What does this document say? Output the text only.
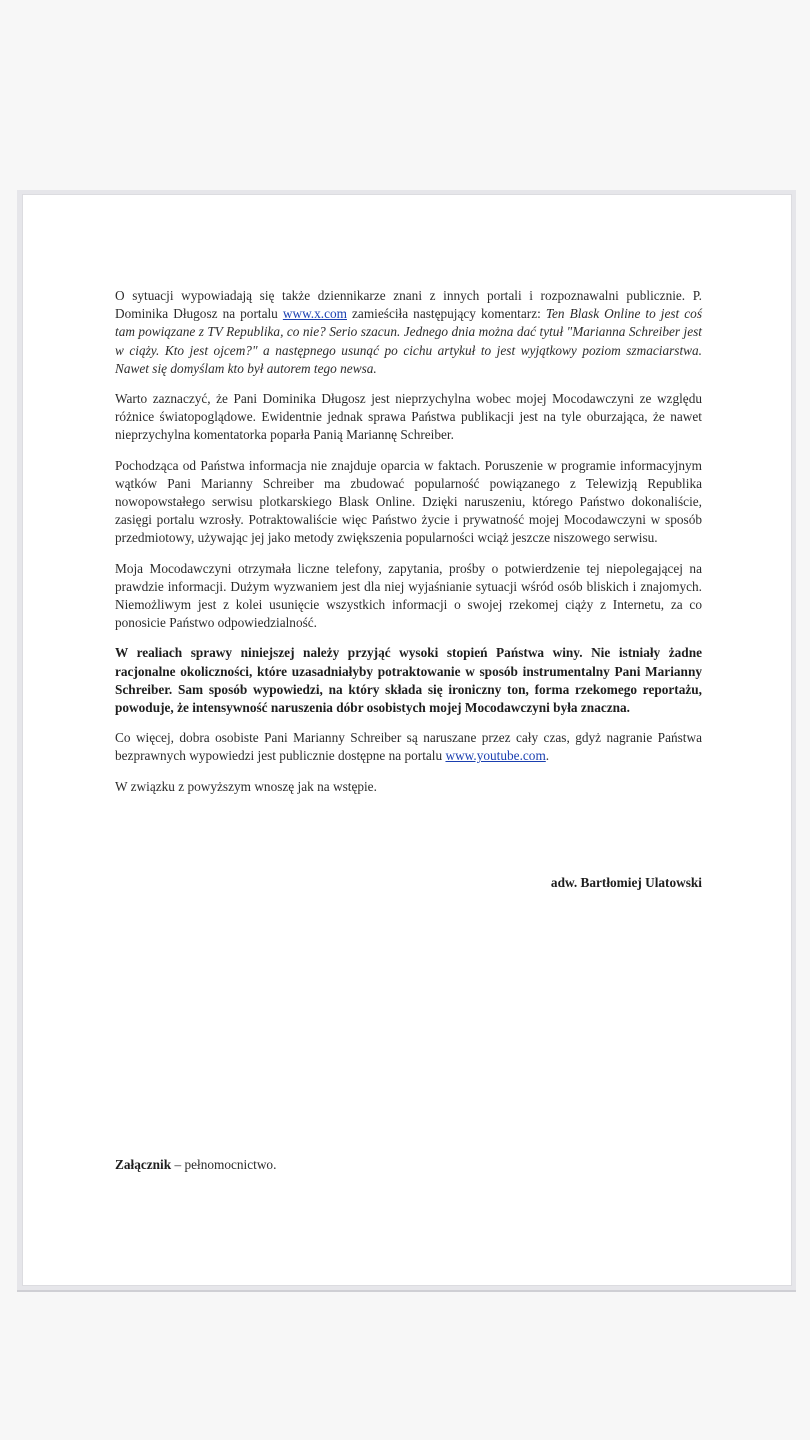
O sytuacji wypowiadają się także dziennikarze znani z innych portali i rozpoznawalni publicznie. P. Dominika Długosz na portalu www.x.com zamieściła następujący komentarz: Ten Blask Online to jest coś tam powiązane z TV Republika, co nie? Serio szacun. Jednego dnia można dać tytuł "Marianna Schreiber jest w ciąży. Kto jest ojcem?" a następnego usunąć po cichu artykuł to jest wyjątkowy poziom szmaciarstwa. Nawet się domyślam kto był autorem tego newsa.

Warto zaznaczyć, że Pani Dominika Długosz jest nieprzychylna wobec mojej Mocodawczyni ze względu różnice światopoglądowe. Ewidentnie jednak sprawa Państwa publikacji jest na tyle oburzająca, że nawet nieprzychylna komentatorka poparła Panią Mariannę Schreiber.

Pochodząca od Państwa informacja nie znajduje oparcia w faktach. Poruszenie w programie informacyjnym wątków Pani Marianny Schreiber ma zbudować popularność powiązanego z Telewizją Republika nowopowstałego serwisu plotkarskiego Blask Online. Dzięki naruszeniu, którego Państwo dokonaliście, zasięgi portalu wzrosły. Potraktowaliście więc Państwo życie i prywatność mojej Mocodawczyni w sposób przedmiotowy, używając jej jako metody zwiększenia popularności wciąż jeszcze niszowego serwisu.

Moja Mocodawczyni otrzymała liczne telefony, zapytania, prośby o potwierdzenie tej niepolegającej na prawdzie informacji. Dużym wyzwaniem jest dla niej wyjaśnianie sytuacji wśród osób bliskich i znajomych. Niemożliwym jest z kolei usunięcie wszystkich informacji o swojej rzekomej ciąży z Internetu, za co ponosicie Państwo odpowiedzialność.

W realiach sprawy niniejszej należy przyjąć wysoki stopień Państwa winy. Nie istniały żadne racjonalne okoliczności, które uzasadniałyby potraktowanie w sposób instrumentalny Pani Marianny Schreiber. Sam sposób wypowiedzi, na który składa się ironiczny ton, forma rzekomego reportażu, powoduje, że intensywność naruszenia dóbr osobistych mojej Mocodawczyni była znaczna.

Co więcej, dobra osobiste Pani Marianny Schreiber są naruszane przez cały czas, gdyż nagranie Państwa bezprawnych wypowiedzi jest publicznie dostępne na portalu www.youtube.com.

W związku z powyższym wnoszę jak na wstępie.

adw. Bartłomiej Ulatowski
Załącznik – pełnomocnictwo.
